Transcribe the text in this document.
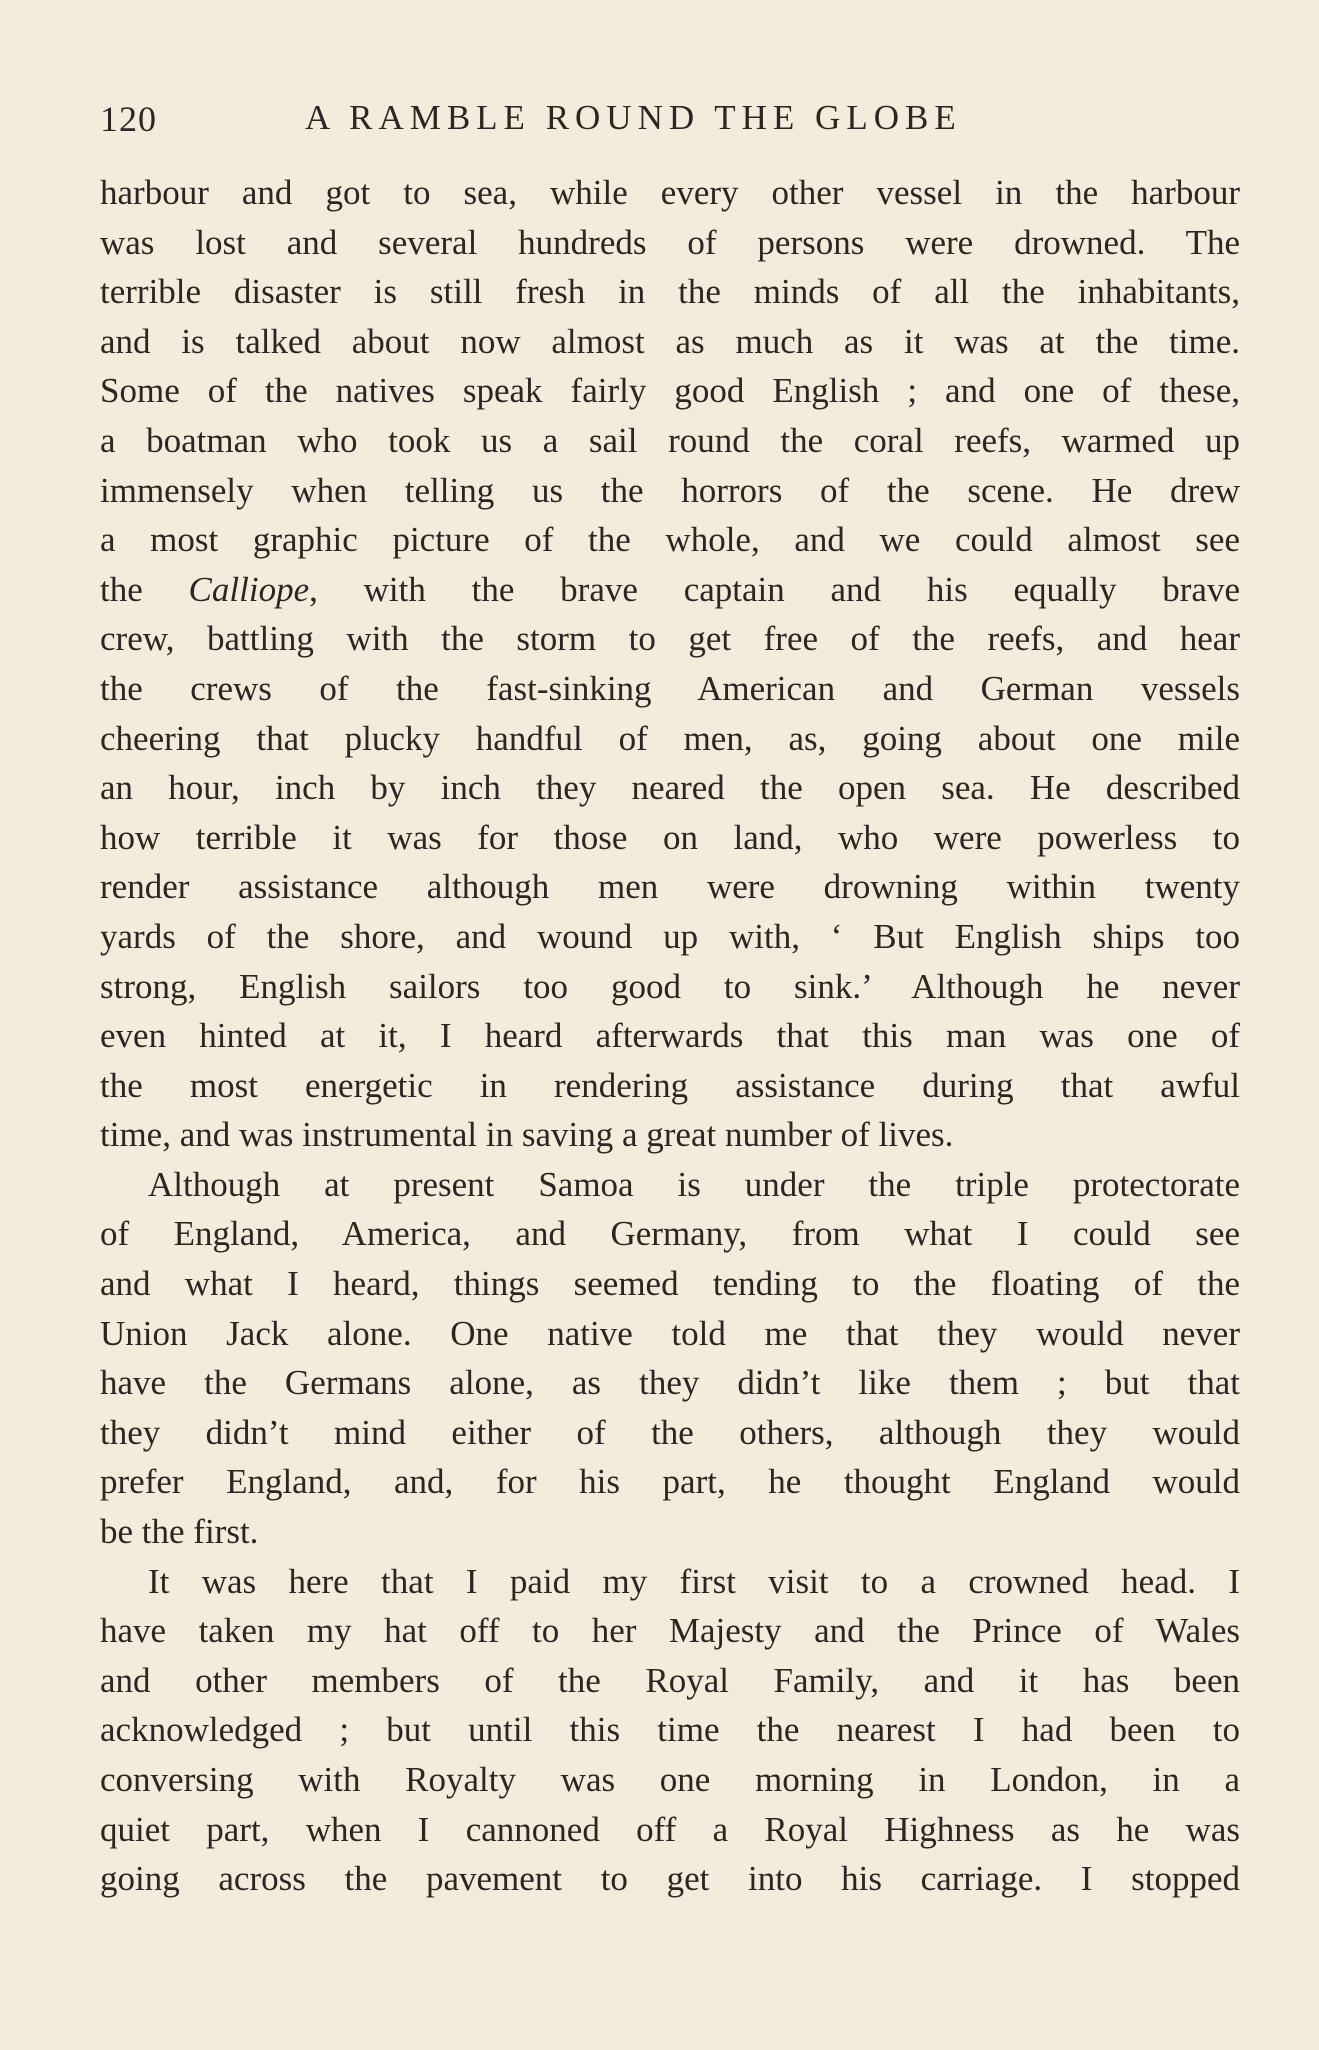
120	A RAMBLE ROUND THE GLOBE
harbour and got to sea, while every other vessel in the harbour
was lost and several hundreds of persons were drowned. The
terrible disaster is still fresh in the minds of all the inhabitants,
and is talked about now almost as much as it was at the time.
Some of the natives speak fairly good English ; and one of these,
a boatman who took us a sail round the coral reefs, warmed up
immensely when telling us the horrors of the scene. He drew
a most graphic picture of the whole, and we could almost see
the Calliope, with the brave captain and his equally brave
crew, battling with the storm to get free of the reefs, and hear
the crews of the fast-sinking American and German vessels
cheering that plucky handful of men, as, going about one mile
an hour, inch by inch they neared the open sea. He described
how terrible it was for those on land, who were powerless to
render assistance although men were drowning within twenty
yards of the shore, and wound up with, ‘ But English ships too
strong, English sailors too good to sink.’ Although he never
even hinted at it, I heard afterwards that this man was one of
the most energetic in rendering assistance during that awful
time, and was instrumental in saving a great number of lives.
Although at present Samoa is under the triple protectorate
of England, America, and Germany, from what I could see
and what I heard, things seemed tending to the floating of the
Union Jack alone. One native told me that they would never
have the Germans alone, as they didn’t like them ; but that
they didn’t mind either of the others, although they would
prefer England, and, for his part, he thought England would
be the first.
It was here that I paid my first visit to a crowned head. I
have taken my hat off to her Majesty and the Prince of Wales
and other members of the Royal Family, and it has been
acknowledged ; but until this time the nearest I had been to
conversing with Royalty was one morning in London, in a
quiet part, when I cannoned off a Royal Highness as he was
going across the pavement to get into his carriage. I stopped
